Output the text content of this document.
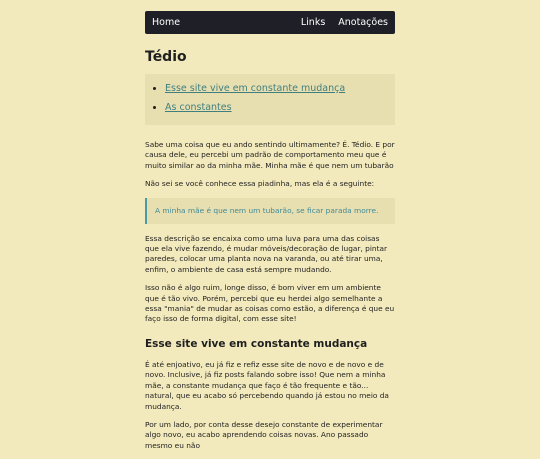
Home	Links Anotações
Tédio
• Esse site vive em constante mudança
• As constantes

Sabe uma coisa que eu ando sentindo ultimamente? É. Tédio. E por causa dele, eu percebi um padrão de comportamento meu que é muito similar ao da minha mãe. Minha mãe é que nem um tubarão

Não sei se você conhece essa piadinha, mas ela é a seguinte:

A minha mãe é que nem um tubarão, se ficar parada morre.

Essa descrição se encaixa como uma luva para uma das coisas que ela vive fazendo, é mudar móveis/decoração de lugar, pintar paredes, colocar uma planta nova na varanda, ou até tirar uma, enfim, o ambiente de casa está sempre mudando.

Isso não é algo ruim, longe disso, é bom viver em um ambiente que é tão vivo. Porém, percebi que eu herdei algo semelhante a essa "mania" de mudar as coisas como estão, a diferença é que eu faço isso de forma digital, com esse site!

Esse site vive em constante mudança

É até enjoativo, eu já fiz e refiz esse site de novo e de novo e de novo. Inclusive, já fiz posts falando sobre isso! Que nem a minha mãe, a constante mudança que faço é tão frequente e tão... natural, que eu acabo só percebendo quando já estou no meio da mudança.

Por um lado, por conta desse desejo constante de experimentar algo novo, eu acabo aprendendo coisas novas. Ano passado mesmo eu não
